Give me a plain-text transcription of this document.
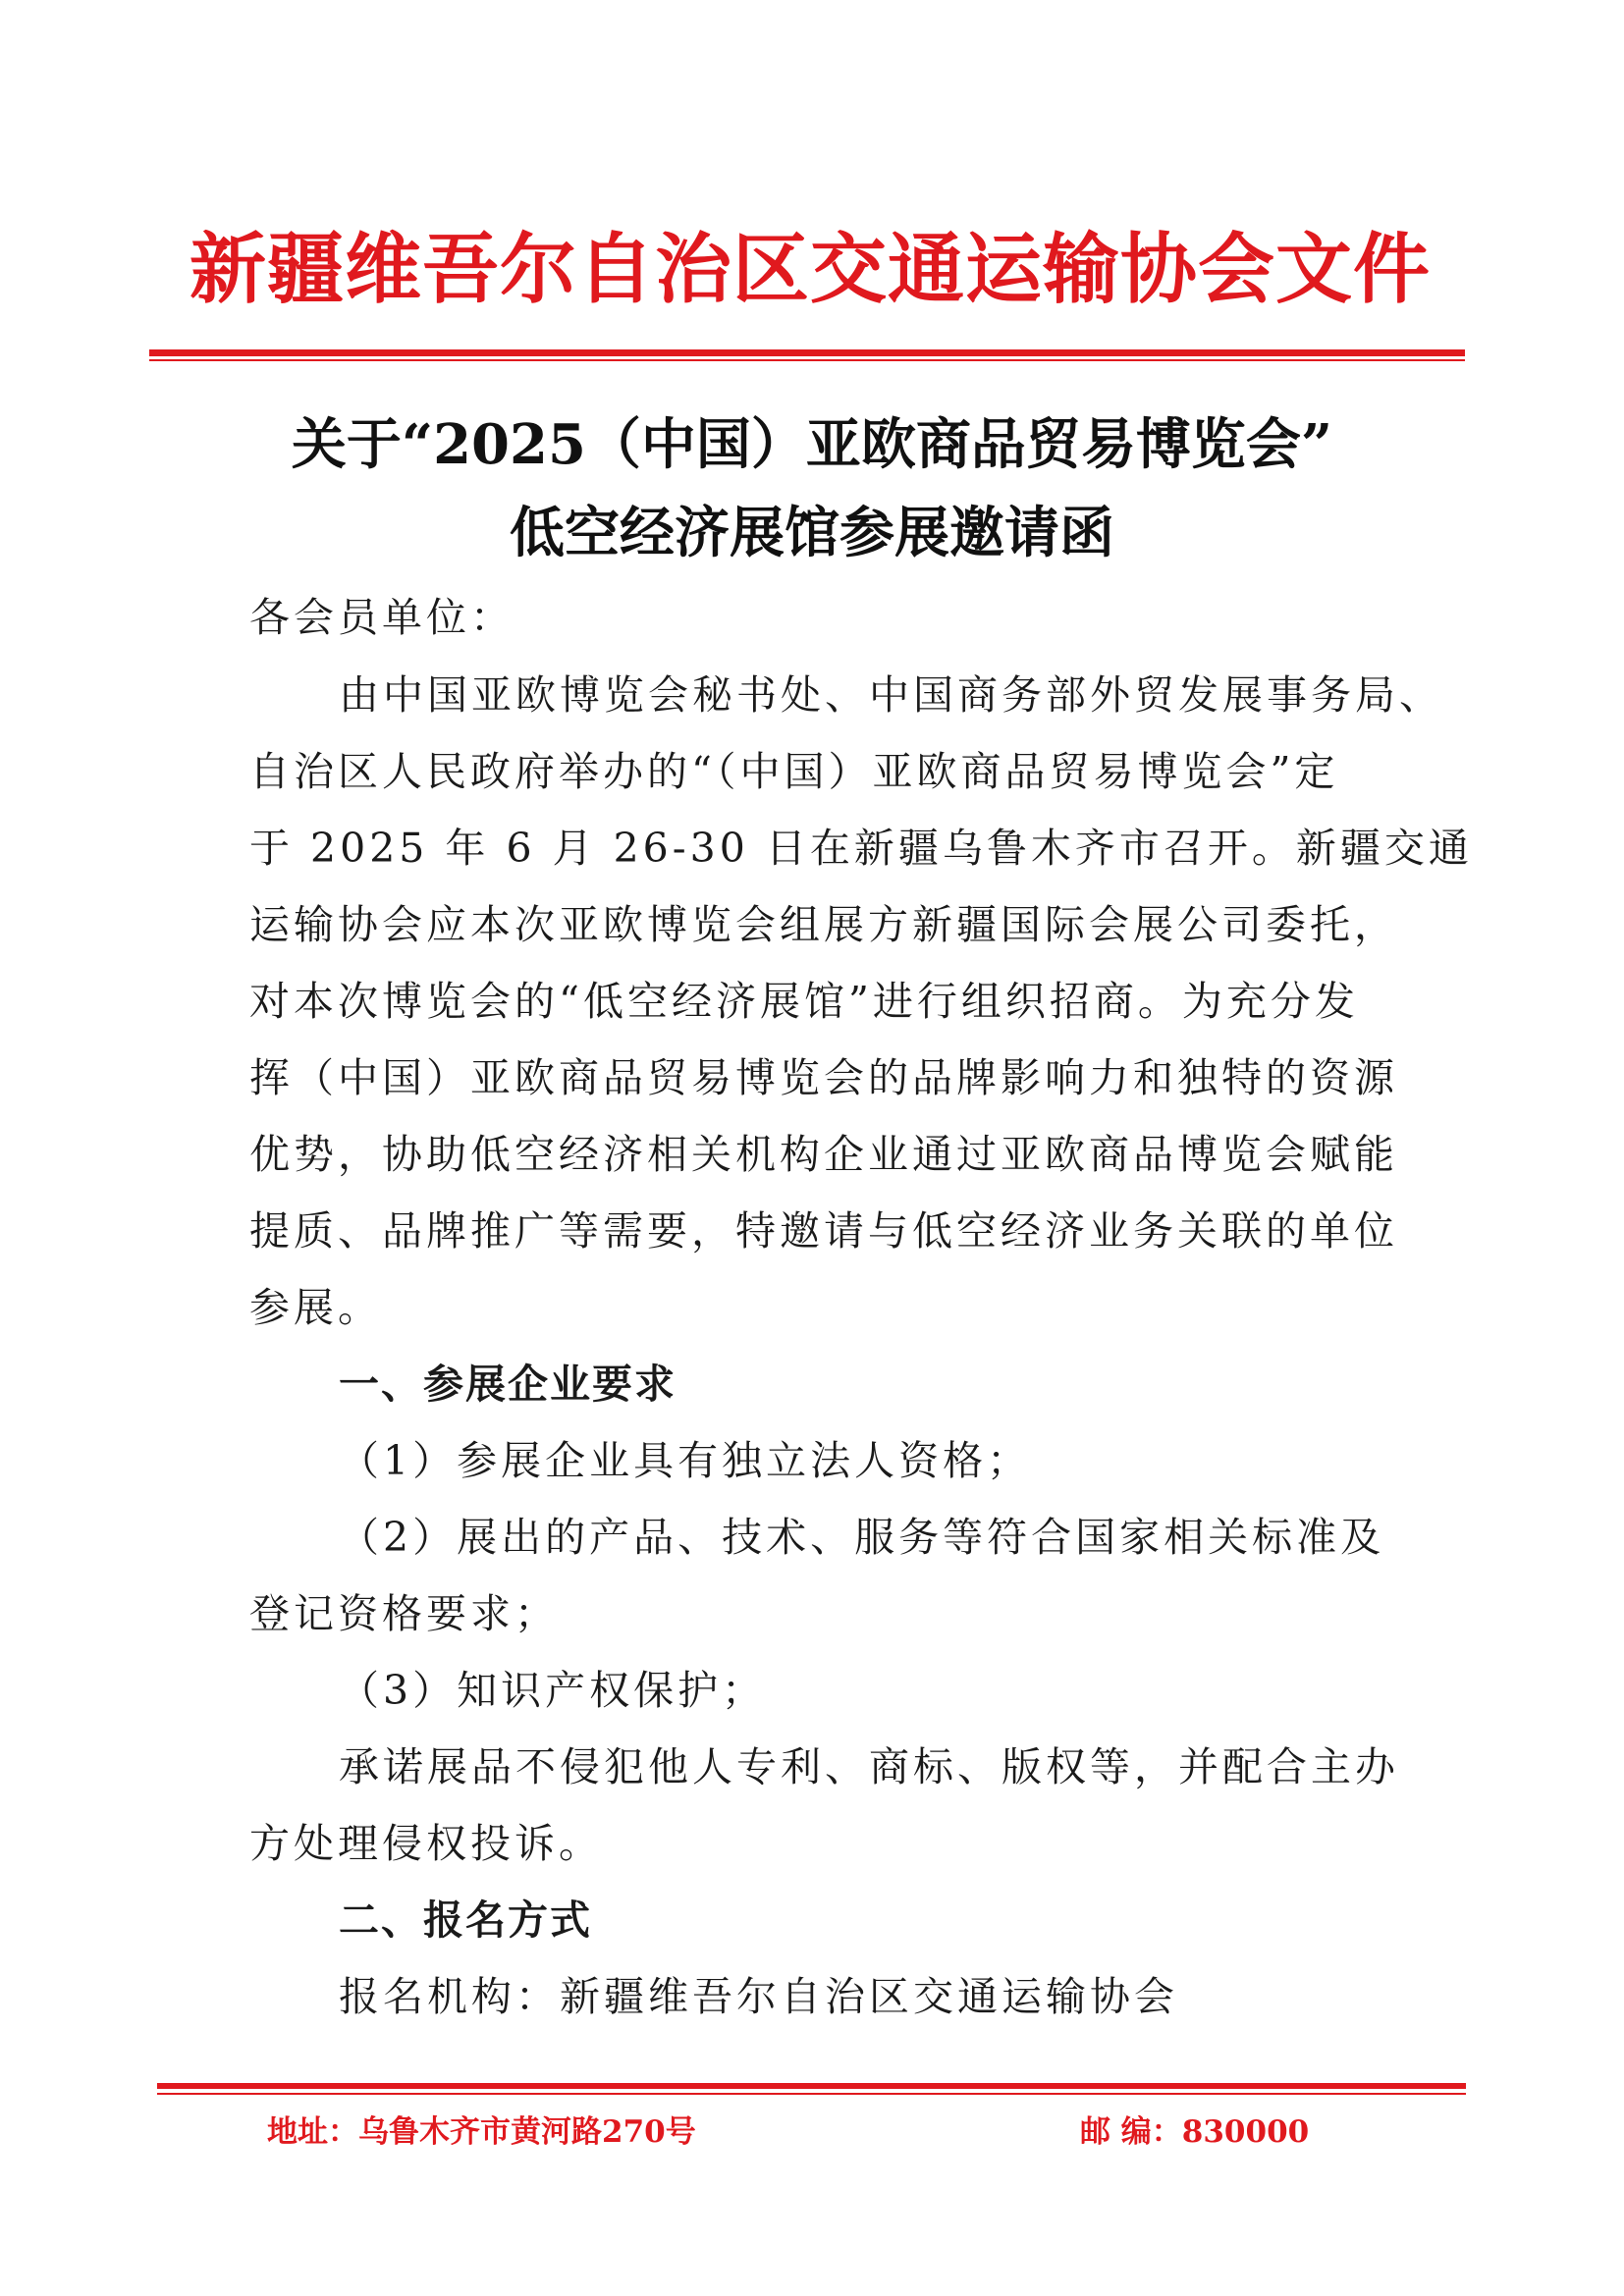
新疆维吾尔自治区交通运输协会文件
关于“2025（中国）亚欧商品贸易博览会”
低空经济展馆参展邀请函
各会员单位：
由中国亚欧博览会秘书处、中国商务部外贸发展事务局、
自治区人民政府举办的“（中国）亚欧商品贸易博览会”定
于 2025 年 6 月 26-30 日在新疆乌鲁木齐市召开。新疆交通
运输协会应本次亚欧博览会组展方新疆国际会展公司委托，
对本次博览会的“低空经济展馆”进行组织招商。为充分发
挥（中国）亚欧商品贸易博览会的品牌影响力和独特的资源
优势，协助低空经济相关机构企业通过亚欧商品博览会赋能
提质、品牌推广等需要，特邀请与低空经济业务关联的单位
参展。
一、参展企业要求
（1）参展企业具有独立法人资格；
（2）展出的产品、技术、服务等符合国家相关标准及
登记资格要求；
（3）知识产权保护；
承诺展品不侵犯他人专利、商标、版权等，并配合主办
方处理侵权投诉。
二、报名方式
报名机构：新疆维吾尔自治区交通运输协会
地址：乌鲁木齐市黄河路270号	邮 编：830000
